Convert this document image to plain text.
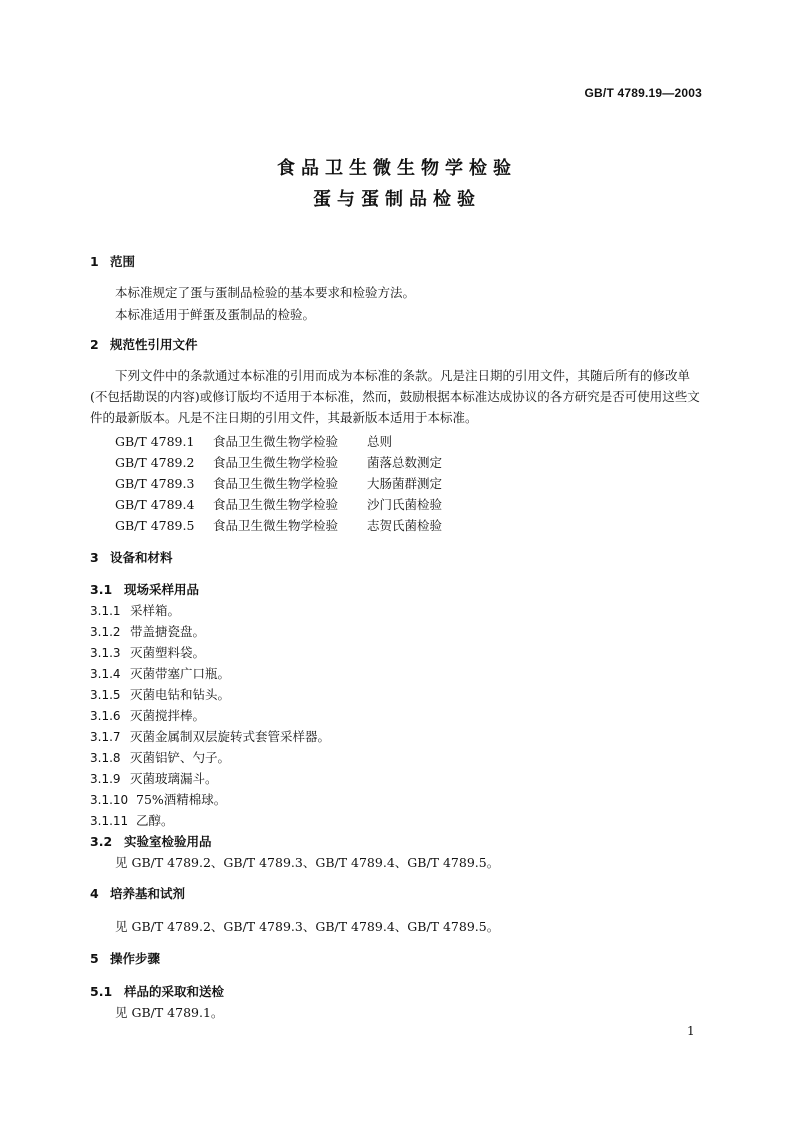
GB/T 4789.19—2003
食品卫生微生物学检验
蛋与蛋制品检验
1 范围
本标准规定了蛋与蛋制品检验的基本要求和检验方法。
本标准适用于鲜蛋及蛋制品的检验。
2 规范性引用文件
下列文件中的条款通过本标准的引用而成为本标准的条款。凡是注日期的引用文件，其随后所有的修改单(不包括勘误的内容)或修订版均不适用于本标准，然而，鼓励根据本标准达成协议的各方研究是否可使用这些文件的最新版本。凡是不注日期的引用文件，其最新版本适用于本标准。
GB/T 4789.1 食品卫生微生物学检验 总则
GB/T 4789.2 食品卫生微生物学检验 菌落总数测定
GB/T 4789.3 食品卫生微生物学检验 大肠菌群测定
GB/T 4789.4 食品卫生微生物学检验 沙门氏菌检验
GB/T 4789.5 食品卫生微生物学检验 志贺氏菌检验
3 设备和材料
3.1 现场采样用品
3.1.1 采样箱。
3.1.2 带盖搪瓷盘。
3.1.3 灭菌塑料袋。
3.1.4 灭菌带塞广口瓶。
3.1.5 灭菌电钻和钻头。
3.1.6 灭菌搅拌棒。
3.1.7 灭菌金属制双层旋转式套管采样器。
3.1.8 灭菌铝铲、勺子。
3.1.9 灭菌玻璃漏斗。
3.1.10 75%酒精棉球。
3.1.11 乙醇。
3.2 实验室检验用品
见 GB/T 4789.2、GB/T 4789.3、GB/T 4789.4、GB/T 4789.5。
4 培养基和试剂
见 GB/T 4789.2、GB/T 4789.3、GB/T 4789.4、GB/T 4789.5。
5 操作步骤
5.1 样品的采取和送检
见 GB/T 4789.1。
1
